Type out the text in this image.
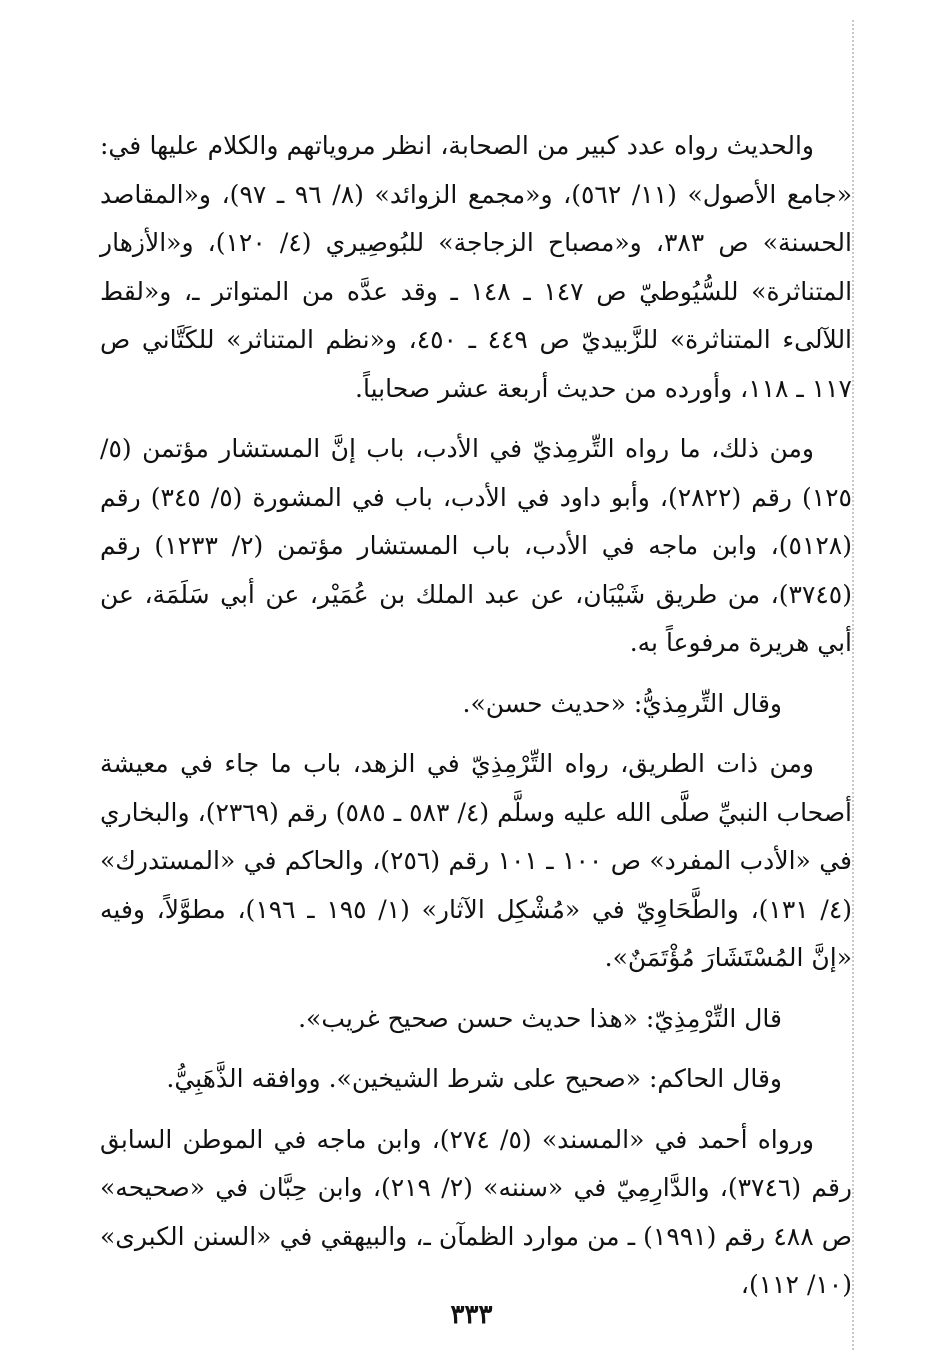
والحديث رواه عدد كبير من الصحابة، انظر مروياتهم والكلام عليها في: «جامع الأصول» (١١/ ٥٦٢)، و«مجمع الزوائد» (٨/ ٩٦ ـ ٩٧)، و«المقاصد الحسنة» ص ٣٨٣، و«مصباح الزجاجة» للبُوصِيري (٤/ ١٢٠)، و«الأزهار المتناثرة» للسُّيُوطيّ ص ١٤٧ ـ ١٤٨ ـ وقد عدَّه من المتواتر ـ، و«لقط اللآلىء المتناثرة» للزَّبيديّ ص ٤٤٩ ـ ٤٥٠، و«نظم المتناثر» للكَتَّاني ص ١١٧ ـ ١١٨، وأورده من حديث أربعة عشر صحابياً.

ومن ذلك، ما رواه التِّرمِذيّ في الأدب، باب إنَّ المستشار مؤتمن (٥/ ١٢٥) رقم (٢٨٢٢)، وأبو داود في الأدب، باب في المشورة (٥/ ٣٤٥) رقم (٥١٢٨)، وابن ماجه في الأدب، باب المستشار مؤتمن (٢/ ١٢٣٣) رقم (٣٧٤٥)، من طريق شَيْبَان، عن عبد الملك بن عُمَيْر، عن أبي سَلَمَة، عن أبي هريرة مرفوعاً به.

وقال التِّرمِذيُّ: «حديث حسن».

ومن ذات الطريق، رواه التِّرْمِذِيّ في الزهد، باب ما جاء في معيشة أصحاب النبيِّ صلَّى الله عليه وسلَّم (٤/ ٥٨٣ ـ ٥٨٥) رقم (٢٣٦٩)، والبخاري في «الأدب المفرد» ص ١٠٠ ـ ١٠١ رقم (٢٥٦)، والحاكم في «المستدرك» (٤/ ١٣١)، والطَّحَاوِيّ في «مُشْكِل الآثار» (١/ ١٩٥ ـ ١٩٦)، مطوَّلاً، وفيه «إنَّ المُسْتَشَارَ مُؤْتَمَنٌ».

قال التِّرْمِذِيّ: «هذا حديث حسن صحيح غريب».

وقال الحاكم: «صحيح على شرط الشيخين». ووافقه الذَّهَبِيُّ.

ورواه أحمد في «المسند» (٥/ ٢٧٤)، وابن ماجه في الموطن السابق رقم (٣٧٤٦)، والدَّارِمِيّ في «سننه» (٢/ ٢١٩)، وابن حِبَّان في «صحيحه» ص ٤٨٨ رقم (١٩٩١) ـ من موارد الظمآن ـ، والبيهقي في «السنن الكبرى» (١٠/ ١١٢)،

٣٣٣
